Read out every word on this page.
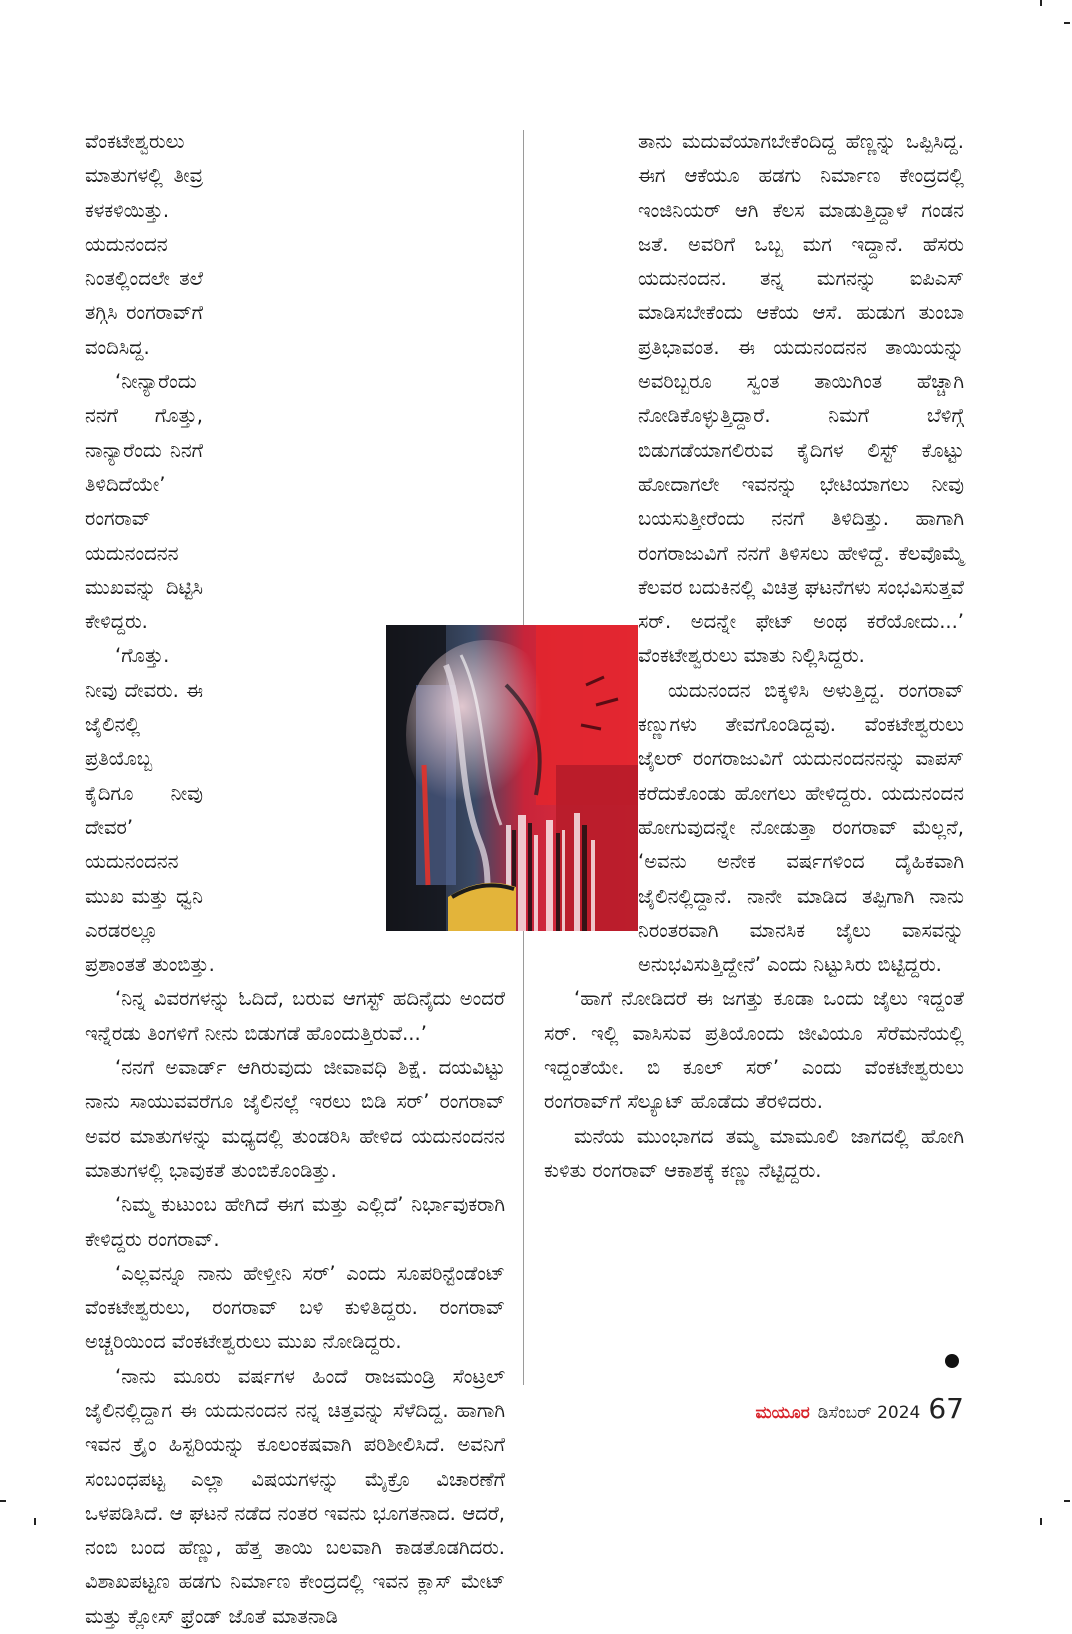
ವೆಂಕಟೇಶ್ವರುಲು ಮಾತುಗಳಲ್ಲಿ ತೀವ್ರ ಕಳಕಳಿಯಿತ್ತು. ಯದುನಂದನ ನಿಂತಲ್ಲಿಂದಲೇ ತಲೆ ತಗ್ಗಿಸಿ ರಂಗರಾವ್‌ಗೆ ವಂದಿಸಿದ್ದ.

‘ನೀನ್ಯಾರೆಂದು ನನಗೆ ಗೊತ್ತು, ನಾನ್ಯಾರೆಂದು ನಿನಗೆ ತಿಳಿದಿದೆಯೇ’ ರಂಗರಾವ್ ಯದುನಂದನನ ಮುಖವನ್ನು ದಿಟ್ಟಿಸಿ ಕೇಳಿದ್ದರು.

‘ಗೊತ್ತು. ನೀವು ದೇವರು. ಈ ಜೈಲಿನಲ್ಲಿ ಪ್ರತಿಯೊಬ್ಬ ಕೈದಿಗೂ ನೀವು ದೇವರ’ ಯದುನಂದನನ ಮುಖ ಮತ್ತು ಧ್ವನಿ ಎರಡರಲ್ಲೂ ಪ್ರಶಾಂತತೆ ತುಂಬಿತ್ತು.

‘ನಿನ್ನ ವಿವರಗಳನ್ನು ಓದಿದೆ, ಬರುವ ಆಗಸ್ಟ್ ಹದಿನೈದು ಅಂದರೆ ಇನ್ನೆರಡು ತಿಂಗಳಿಗೆ ನೀನು ಬಿಡುಗಡೆ ಹೊಂದುತ್ತಿರುವೆ...’

‘ನನಗೆ ಅವಾರ್ಡ್ ಆಗಿರುವುದು ಜೀವಾವಧಿ ಶಿಕ್ಷೆ. ದಯವಿಟ್ಟು ನಾನು ಸಾಯುವವರೆಗೂ ಜೈಲಿನಲ್ಲೆ ಇರಲು ಬಿಡಿ ಸರ್’ ರಂಗರಾವ್ ಅವರ ಮಾತುಗಳನ್ನು ಮಧ್ಯದಲ್ಲಿ ತುಂಡರಿಸಿ ಹೇಳಿದ ಯದುನಂದನನ ಮಾತುಗಳಲ್ಲಿ ಭಾವುಕತೆ ತುಂಬಿಕೊಂಡಿತ್ತು.

‘ನಿಮ್ಮ ಕುಟುಂಬ ಹೇಗಿದೆ ಈಗ ಮತ್ತು ಎಲ್ಲಿದೆ’ ನಿರ್ಭಾವುಕರಾಗಿ ಕೇಳಿದ್ದರು ರಂಗರಾವ್.

‘ಎಲ್ಲವನ್ನೂ ನಾನು ಹೇಳ್ತೀನಿ ಸರ್’ ಎಂದು ಸೂಪರಿನ್ಟೆಂಡೆಂಟ್ ವೆಂಕಟೇಶ್ವರುಲು, ರಂಗರಾವ್ ಬಳಿ ಕುಳಿತಿದ್ದರು. ರಂಗರಾವ್ ಅಚ್ಚರಿಯಿಂದ ವೆಂಕಟೇಶ್ವರುಲು ಮುಖ ನೋಡಿದ್ದರು.

‘ನಾನು ಮೂರು ವರ್ಷಗಳ ಹಿಂದೆ ರಾಜಮಂಡ್ರಿ ಸೆಂಟ್ರಲ್ ಜೈಲಿನಲ್ಲಿದ್ದಾಗ ಈ ಯದುನಂದನ ನನ್ನ ಚಿತ್ತವನ್ನು ಸೆಳೆದಿದ್ದ. ಹಾಗಾಗಿ ಇವನ ಕ್ರೈಂ ಹಿಸ್ಟರಿಯನ್ನು ಕೂಲಂಕಷವಾಗಿ ಪರಿಶೀಲಿಸಿದೆ. ಅವನಿಗೆ ಸಂಬಂಧಪಟ್ಟ ಎಲ್ಲಾ ವಿಷಯಗಳನ್ನು ಮೈಕ್ರೊ ವಿಚಾರಣೆಗೆ ಒಳಪಡಿಸಿದೆ. ಆ ಘಟನೆ ನಡೆದ ನಂತರ ಇವನು ಭೂಗತನಾದ. ಆದರೆ, ನಂಬಿ ಬಂದ ಹೆಣ್ಣು, ಹೆತ್ತ ತಾಯಿ ಬಲವಾಗಿ ಕಾಡತೊಡಗಿದರು. ವಿಶಾಖಪಟ್ಟಣ ಹಡಗು ನಿರ್ಮಾಣ ಕೇಂದ್ರದಲ್ಲಿ ಇವನ ಕ್ಲಾಸ್ ಮೇಟ್ ಮತ್ತು ಕ್ಲೋಸ್ ಫ್ರೆಂಡ್ ಜೊತೆ ಮಾತನಾಡಿ

ತಾನು ಮದುವೆಯಾಗಬೇಕೆಂದಿದ್ದ ಹೆಣ್ಣನ್ನು ಒಪ್ಪಿಸಿದ್ದ. ಈಗ ಆಕೆಯೂ ಹಡಗು ನಿರ್ಮಾಣ ಕೇಂದ್ರದಲ್ಲಿ ಇಂಜಿನಿಯರ್ ಆಗಿ ಕೆಲಸ ಮಾಡುತ್ತಿದ್ದಾಳೆ ಗಂಡನ ಜತೆ. ಅವರಿಗೆ ಒಬ್ಬ ಮಗ ಇದ್ದಾನೆ. ಹೆಸರು ಯದುನಂದನ. ತನ್ನ ಮಗನನ್ನು ಐಪಿಎಸ್ ಮಾಡಿಸಬೇಕೆಂದು ಆಕೆಯ ಆಸೆ. ಹುಡುಗ ತುಂಬಾ ಪ್ರತಿಭಾವಂತ. ಈ ಯದುನಂದನನ ತಾಯಿಯನ್ನು ಅವರಿಬ್ಬರೂ ಸ್ವಂತ ತಾಯಿಗಿಂತ ಹೆಚ್ಚಾಗಿ ನೋಡಿಕೊಳ್ಳುತ್ತಿದ್ದಾರೆ. ನಿಮಗೆ ಬೆಳಿಗ್ಗೆ ಬಿಡುಗಡೆಯಾಗಲಿರುವ ಕೈದಿಗಳ ಲಿಸ್ಟ್ ಕೊಟ್ಟು ಹೋದಾಗಲೇ ಇವನನ್ನು ಭೇಟಿಯಾಗಲು ನೀವು ಬಯಸುತ್ತೀರೆಂದು ನನಗೆ ತಿಳಿದಿತ್ತು. ಹಾಗಾಗಿ ರಂಗರಾಜುವಿಗೆ ನನಗೆ ತಿಳಿಸಲು ಹೇಳಿದ್ದೆ. ಕೆಲವೊಮ್ಮೆ ಕೆಲವರ ಬದುಕಿನಲ್ಲಿ ವಿಚಿತ್ರ ಘಟನೆಗಳು ಸಂಭವಿಸುತ್ತವೆ ಸರ್. ಅದನ್ನೇ ಫೇಟ್ ಅಂಥ ಕರೆಯೋದು...’ ವೆಂಕಟೇಶ್ವರುಲು ಮಾತು ನಿಲ್ಲಿಸಿದ್ದರು.

ಯದುನಂದನ ಬಿಕ್ಕಳಿಸಿ ಅಳುತ್ತಿದ್ದ. ರಂಗರಾವ್ ಕಣ್ಣುಗಳು ತೇವಗೊಂಡಿದ್ದವು. ವೆಂಕಟೇಶ್ವರುಲು ಜೈಲರ್ ರಂಗರಾಜುವಿಗೆ ಯದುನಂದನನನ್ನು ವಾಪಸ್ ಕರೆದುಕೊಂಡು ಹೋಗಲು ಹೇಳಿದ್ದರು. ಯದುನಂದನ ಹೋಗುವುದನ್ನೇ ನೋಡುತ್ತಾ ರಂಗರಾವ್ ಮೆಲ್ಲನೆ, ‘ಅವನು ಅನೇಕ ವರ್ಷಗಳಿಂದ ದೈಹಿಕವಾಗಿ ಜೈಲಿನಲ್ಲಿದ್ದಾನೆ. ನಾನೇ ಮಾಡಿದ ತಪ್ಪಿಗಾಗಿ ನಾನು ನಿರಂತರವಾಗಿ ಮಾನಸಿಕ ಜೈಲು ವಾಸವನ್ನು ಅನುಭವಿಸುತ್ತಿದ್ದೇನೆ’ ಎಂದು ನಿಟ್ಟುಸಿರು ಬಿಟ್ಟಿದ್ದರು.

‘ಹಾಗೆ ನೋಡಿದರೆ ಈ ಜಗತ್ತು ಕೂಡಾ ಒಂದು ಜೈಲು ಇದ್ದಂತೆ ಸರ್. ಇಲ್ಲಿ ವಾಸಿಸುವ ಪ್ರತಿಯೊಂದು ಜೀವಿಯೂ ಸೆರೆಮನೆಯಲ್ಲಿ ಇದ್ದಂತೆಯೇ. ಬಿ ಕೂಲ್ ಸರ್’ ಎಂದು ವೆಂಕಟೇಶ್ವರುಲು ರಂಗರಾವ್‌ಗೆ ಸೆಲ್ಯೂಟ್ ಹೊಡೆದು ತೆರಳಿದರು.

ಮನೆಯ ಮುಂಭಾಗದ ತಮ್ಮ ಮಾಮೂಲಿ ಜಾಗದಲ್ಲಿ ಹೋಗಿ ಕುಳಿತು ರಂಗರಾವ್ ಆಕಾಶಕ್ಕೆ ಕಣ್ಣು ನೆಟ್ಟಿದ್ದರು.

ಮಯೂರ ಡಿಸೆಂಬರ್ 2024 67
